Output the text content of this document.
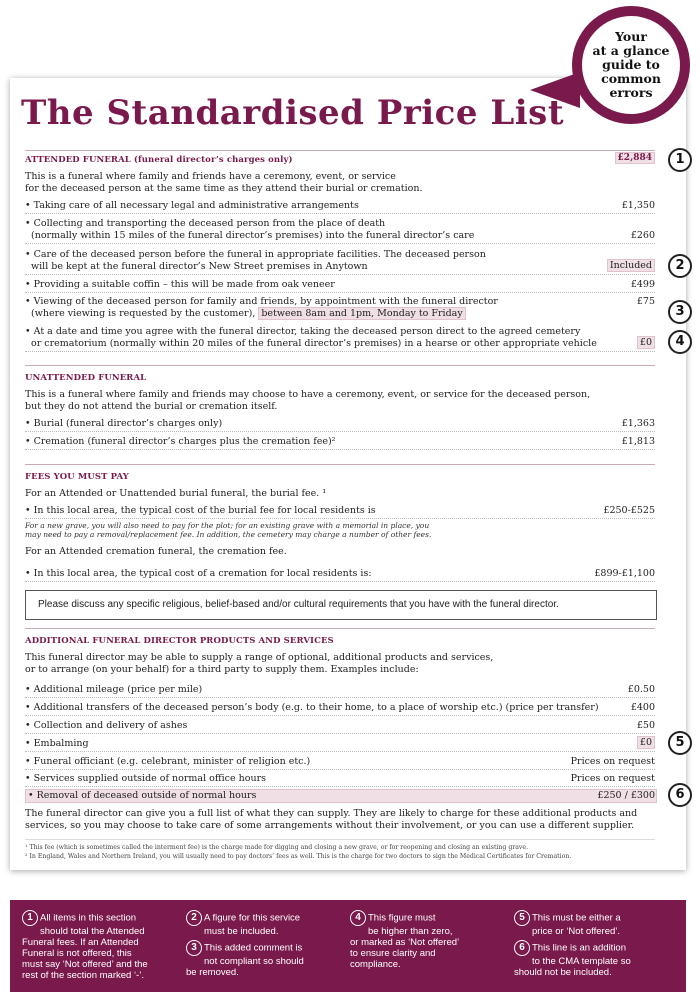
Your
at a glance
guide to
common
errors
The Standardised Price List
ATTENDED FUNERAL (funeral director’s charges only)	£2,884	1
This is a funeral where family and friends have a ceremony, event, or service
for the deceased person at the same time as they attend their burial or cremation.
• Taking care of all necessary legal and administrative arrangements	£1,350
• Collecting and transporting the deceased person from the place of death
(normally within 15 miles of the funeral director’s premises) into the funeral director’s care	£260
• Care of the deceased person before the funeral in appropriate facilities. The deceased person
will be kept at the funeral director’s New Street premises in Anytown	Included	2
• Providing a suitable coffin – this will be made from oak veneer	£499
• Viewing of the deceased person for family and friends, by appointment with the funeral director	£75
(where viewing is requested by the customer), between 8am and 1pm, Monday to Friday	3
• At a date and time you agree with the funeral director, taking the deceased person direct to the agreed cemetery
or crematorium (normally within 20 miles of the funeral director’s premises) in a hearse or other appropriate vehicle	£0	4
UNATTENDED FUNERAL
This is a funeral where family and friends may choose to have a ceremony, event, or service for the deceased person,
but they do not attend the burial or cremation itself.
• Burial (funeral director’s charges only)	£1,363
• Cremation (funeral director’s charges plus the cremation fee)²	£1,813
FEES YOU MUST PAY
For an Attended or Unattended burial funeral, the burial fee. ¹
• In this local area, the typical cost of the burial fee for local residents is	£250-£525
For a new grave, you will also need to pay for the plot; for an existing grave with a memorial in place, you
may need to pay a removal/replacement fee. In addition, the cemetery may charge a number of other fees.
For an Attended cremation funeral, the cremation fee.
• In this local area, the typical cost of a cremation for local residents is:	£899-£1,100
Please discuss any specific religious, belief-based and/or cultural requirements that you have with the funeral director.
ADDITIONAL FUNERAL DIRECTOR PRODUCTS AND SERVICES
This funeral director may be able to supply a range of optional, additional products and services,
or to arrange (on your behalf) for a third party to supply them. Examples include:
• Additional mileage (price per mile)	£0.50
• Additional transfers of the deceased person’s body (e.g. to their home, to a place of worship etc.) (price per transfer)	£400
• Collection and delivery of ashes	£50
• Embalming	£0	5
• Funeral officiant (e.g. celebrant, minister of religion etc.)	Prices on request
• Services supplied outside of normal office hours	Prices on request
• Removal of deceased outside of normal hours	£250 / £300	6
The funeral director can give you a full list of what they can supply. They are likely to charge for these additional products and
services, so you may choose to take care of some arrangements without their involvement, or you can use a different supplier.
¹ This fee (which is sometimes called the interment fee) is the charge made for digging and closing a new grave, or for reopening and closing an existing grave.
² In England, Wales and Northern Ireland, you will usually need to pay doctors’ fees as well. This is the charge for two doctors to sign the Medical Certificates for Cremation.
1 All items in this section
should total the Attended
Funeral fees. If an Attended
Funeral is not offered, this
must say ‘Not offered’ and the
rest of the section marked ‘-’.
2 A figure for this service
must be included.
3 This added comment is
not compliant so should
be removed.
4 This figure must
be higher than zero,
or marked as ‘Not offered’
to ensure clarity and
compliance.
5 This must be either a
price or ‘Not offered’.
6 This line is an addition
to the CMA template so
should not be included.
